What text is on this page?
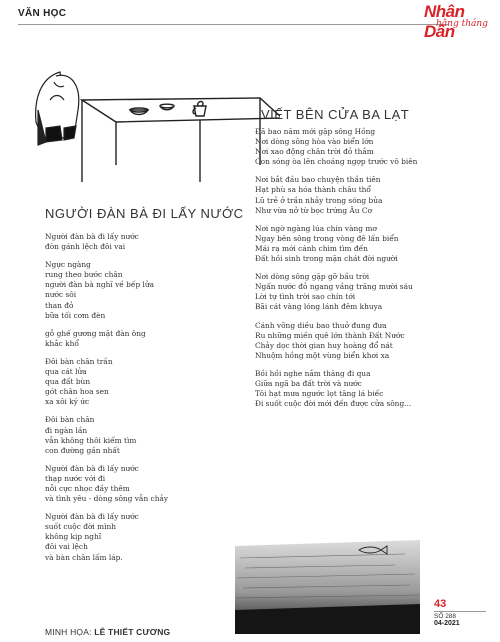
VĂN HỌC	Nhân Dân
hằng tháng
VIẾT BÊN CỬA BA LẠT

Đã bao năm mới gặp sông Hồng
Nơi dòng sông hòa vào biển lớn
Nơi xao động chân trời đỏ thắm
Con sóng òa lên choáng ngợp trước vô biên

Nơi bắt đầu bao chuyện thần tiên
Hạt phù sa hóa thành châu thổ
Lũ trẻ ở trần nhảy trong sóng bủa
Như vừa nở từ bọc trứng Âu Cơ

Nơi ngờ ngàng lúa chín vàng mơ
Ngay bên sông trong vòng đê lấn biển
Mái rạ mới cánh chim tìm đến
Đất hồi sinh trong mặn chát đời người

Nơi dòng sông gặp gỡ bầu trời
Ngấn nước đỏ ngang vầng trăng mười sáu
Lời tự tình trời sao chín tới
Bãi cát vàng lóng lánh đêm khuya

Cánh võng diều bao thuở đung đưa
Ru những miền quê lớn thành Đất Nước
Chảy dọc thời gian huy hoàng đổ nát
Nhuộm hồng một vùng biển khơi xa

Bồi hồi nghe nắm thăng đi qua
Giữa ngã ba đất trời và nước
Tôi hạt mưa ngước lọt tâng lá biếc
Đi suốt cuộc đời mới đến được cửa sông...

NGƯỜI ĐÀN BÀ ĐI LẤY NƯỚC

Người đàn bà đi lấy nước
đòn gánh lệch đôi vai

Ngực ngàng
rung theo bước chân
người đàn bà nghĩ về bếp lửa
nước sôi
than đỏ
bữa tối cơm đèn

gỗ ghế gương mặt đàn ông
khắc khổ

Đôi bàn chân trần
qua cát lửa
qua đất bùn
gót chân hoa sen
xa xôi ký ức

Đôi bàn chân
đi ngàn lần
vẫn không thôi kiếm tìm
con đường gần nhất

Người đàn bà đi lấy nước
thạp nước với đi
nỗi cực nhọc đầy thêm
và tình yêu - dòng sông vẫn chảy

Người đàn bà đi lấy nước
suốt cuộc đời mình
không kịp nghĩ
đôi vai lệch
và bàn chân lấm láp.

43
SỐ 288
04-2021
MINH HỌA: LÊ THIẾT CƯƠNG
